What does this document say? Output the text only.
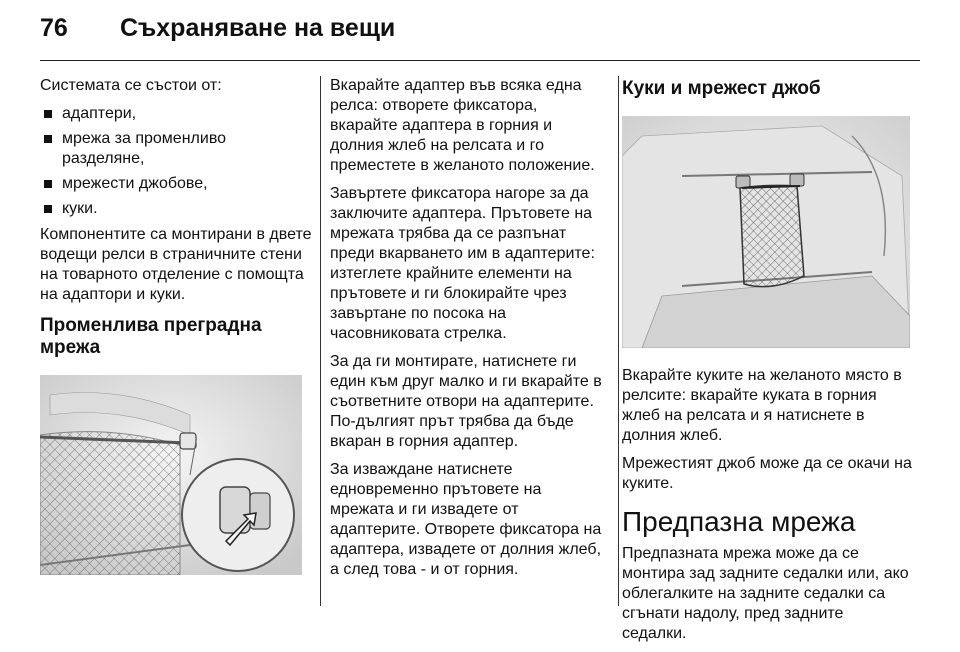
76 Съхраняване на вещи

Системата се състои от:

адаптери,
мрежа за променливо разделяне,
мрежести джобове,
куки.

Компонентите са монтирани в двете водещи релси в страничните стени на товарното отделение с помощта на адаптори и куки.

Променлива преградна мрежа

Вкарайте адаптер във всяка една релса: отворете фиксатора, вкарайте адаптера в горния и долния жлеб на релсата и го преместете в желаното положение.

Завъртете фиксатора нагоре за да заключите адаптера. Прътовете на мрежата трябва да се разпънат преди вкарването им в адаптерите: изтеглете крайните елементи на прътовете и ги блокирайте чрез завъртане по посока на часовниковата стрелка.

За да ги монтирате, натиснете ги един към друг малко и ги вкарайте в съответните отвори на адаптерите. По-дългият прът трябва да бъде вкаран в горния адаптер.

За изваждане натиснете едновременно прътовете на мрежата и ги извадете от адаптерите. Отворете фиксатора на адаптера, извадете от долния жлеб, а след това - и от горния.

Куки и мрежест джоб

Вкарайте куките на желаното място в релсите: вкарайте куката в горния жлеб на релсата и я натиснете в долния жлеб.

Мрежестият джоб може да се окачи на куките.

Предпазна мрежа

Предпазната мрежа може да се монтира зад задните седалки или, ако облегалките на задните седалки са сгънати надолу, пред задните седалки.
